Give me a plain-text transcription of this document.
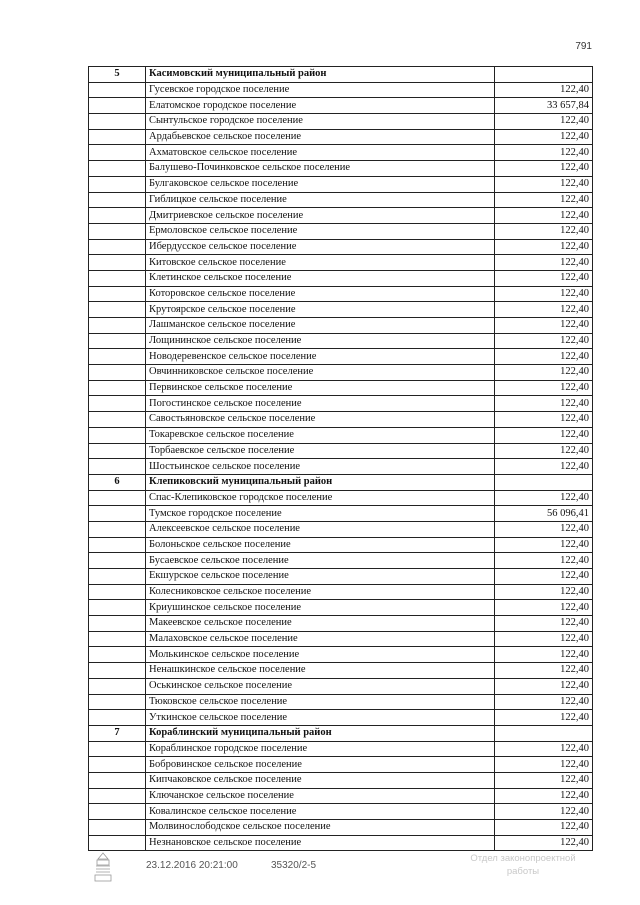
791
5	Касимовский муниципальный район	
	Гусевское городское поселение	122,40
	Елатомское городское поселение	33 657,84
	Сынтульское городское поселение	122,40
	Ардабьевское сельское поселение	122,40
	Ахматовское сельское поселение	122,40
	Балушево-Починковское сельское поселение	122,40
	Булгаковское сельское поселение	122,40
	Гиблицкое сельское поселение	122,40
	Дмитриевское сельское поселение	122,40
	Ермоловское сельское поселение	122,40
	Ибердусское сельское поселение	122,40
	Китовское сельское поселение	122,40
	Клетинское сельское поселение	122,40
	Которовское сельское поселение	122,40
	Крутоярское сельское поселение	122,40
	Лашманское сельское поселение	122,40
	Лощининское сельское поселение	122,40
	Новодеревенское сельское поселение	122,40
	Овчинниковское сельское поселение	122,40
	Первинское сельское поселение	122,40
	Погостинское сельское поселение	122,40
	Савостьяновское сельское поселение	122,40
	Токаревское сельское поселение	122,40
	Торбаевское сельское поселение	122,40
	Шостьинское сельское поселение	122,40
6	Клепиковский муниципальный район	
	Спас-Клепиковское городское поселение	122,40
	Тумское городское поселение	56 096,41
	Алексеевское сельское поселение	122,40
	Болоньское сельское поселение	122,40
	Бусаевское сельское поселение	122,40
	Екшурское сельское поселение	122,40
	Колесниковское сельское поселение	122,40
	Криушинское сельское поселение	122,40
	Макеевское сельское поселение	122,40
	Малаховское сельское поселение	122,40
	Молькинское сельское поселение	122,40
	Ненашкинское сельское поселение	122,40
	Оськинское сельское поселение	122,40
	Тюковское сельское поселение	122,40
	Уткинское сельское поселение	122,40
7	Кораблинский муниципальный район	
	Кораблинское городское поселение	122,40
	Бобровинское сельское поселение	122,40
	Кипчаковское сельское поселение	122,40
	Ключанское сельское поселение	122,40
	Ковалинское сельское поселение	122,40
	Молвинослободское сельское поселение	122,40
	Незнановское сельское поселение	122,40
23.12.2016 20:21:00	35320/2-5
Отдел законопроектной
работы
